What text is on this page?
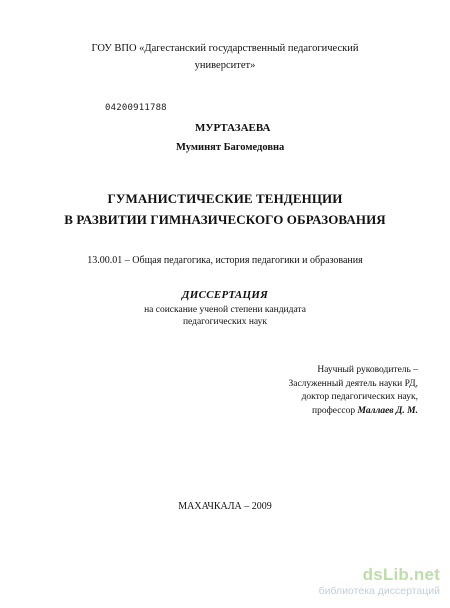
ГОУ ВПО «Дагестанский государственный педагогический
университет»
04200911788
МУРТАЗАЕВА
Муминят Багомедовна
ГУМАНИСТИЧЕСКИЕ ТЕНДЕНЦИИ
В РАЗВИТИИ ГИМНАЗИЧЕСКОГО ОБРАЗОВАНИЯ
13.00.01 – Общая педагогика, история педагогики и образования
ДИССЕРТАЦИЯ
на соискание ученой степени кандидата
педагогических наук
Научный руководитель –
Заслуженный деятель науки РД,
доктор педагогических наук,
профессор Маллаев Д. М.
МАХАЧКАЛА – 2009
dsLib.net
библиотека диссертаций
